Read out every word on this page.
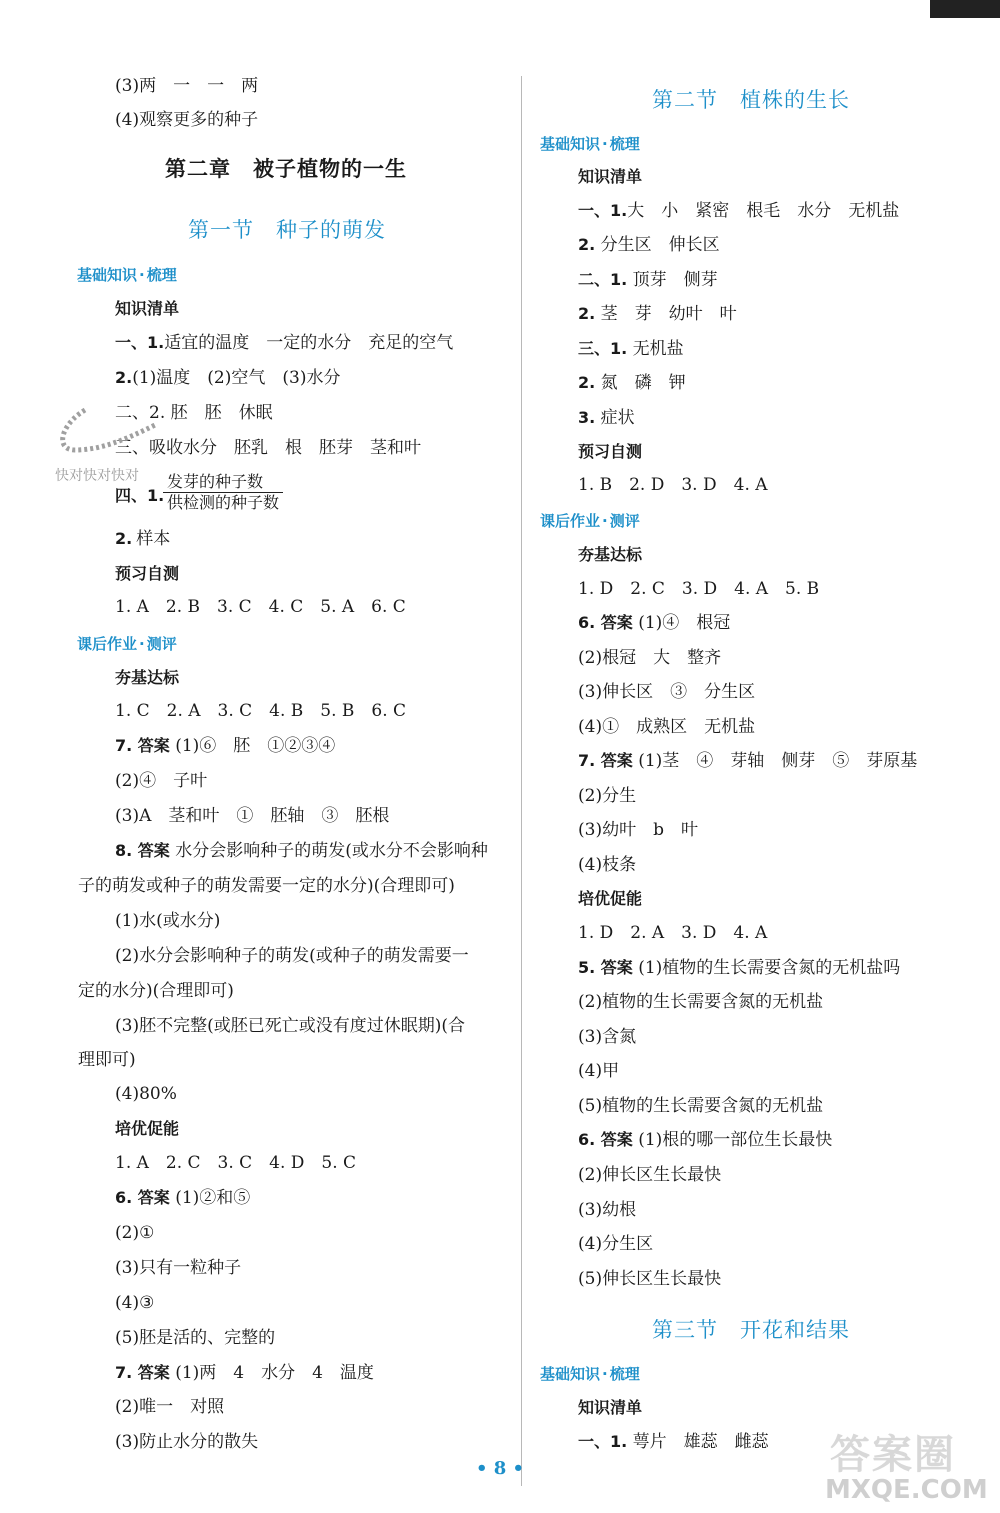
(3)两　一　一　两
(4)观察更多的种子
第二章　被子植物的一生
第一节　种子的萌发
基础知识 · 梳理
知识清单
一、1.适宜的温度　一定的水分　充足的空气
2.(1)温度　(2)空气　(3)水分
二、2. 胚　胚　休眠
三、吸收水分　胚乳　根　胚芽　茎和叶
四、1.
发芽的种子数
供检测的种子数
快对快对快对
2. 样本
预习自测
1. A　2. B　3. C　4. C　5. A　6. C
课后作业 · 测评
夯基达标
1. C　2. A　3. C　4. B　5. B　6. C
7. 答案 (1)⑥　胚　①②③④
(2)④　子叶
(3)A　茎和叶　①　胚轴　③　胚根
8. 答案 水分会影响种子的萌发(或水分不会影响种
子的萌发或种子的萌发需要一定的水分)(合理即可)
(1)水(或水分)
(2)水分会影响种子的萌发(或种子的萌发需要一
定的水分)(合理即可)
(3)胚不完整(或胚已死亡或没有度过休眠期)(合
理即可)
(4)80%
培优促能
1. A　2. C　3. C　4. D　5. C
6. 答案 (1)②和⑤
(2)①
(3)只有一粒种子
(4)③
(5)胚是活的、完整的
7. 答案 (1)两　4　水分　4　温度
(2)唯一　对照
(3)防止水分的散失
第二节　植株的生长
基础知识 · 梳理
知识清单
一、1.大　小　紧密　根毛　水分　无机盐
2. 分生区　伸长区
二、1. 顶芽　侧芽
2. 茎　芽　幼叶　叶
三、1. 无机盐
2. 氮　磷　钾
3. 症状
预习自测
1. B　2. D　3. D　4. A
课后作业 · 测评
夯基达标
1. D　2. C　3. D　4. A　5. B
6. 答案 (1)④　根冠
(2)根冠　大　整齐
(3)伸长区　③　分生区
(4)①　成熟区　无机盐
7. 答案 (1)茎　④　芽轴　侧芽　⑤　芽原基
(2)分生
(3)幼叶　b　叶
(4)枝条
培优促能
1. D　2. A　3. D　4. A
5. 答案 (1)植物的生长需要含氮的无机盐吗
(2)植物的生长需要含氮的无机盐
(3)含氮
(4)甲
(5)植物的生长需要含氮的无机盐
6. 答案 (1)根的哪一部位生长最快
(2)伸长区生长最快
(3)幼根
(4)分生区
(5)伸长区生长最快
第三节　开花和结果
基础知识 · 梳理
知识清单
一、1. 萼片　雄蕊　雌蕊
• 8 •	答案圈
MXQE.COM
